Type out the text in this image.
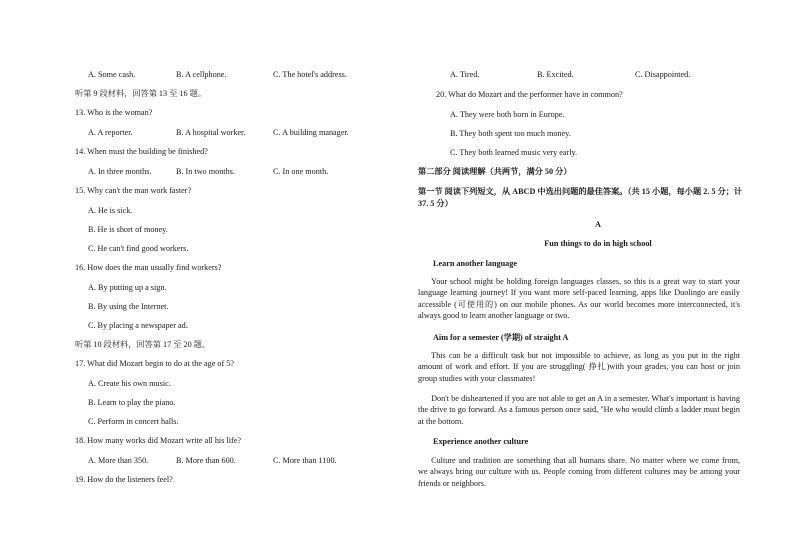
A. Some cash.	B. A cellphone.	C. The hotel's address.
听第 9 段材料，回答第 13 至 16 题。
13. Who is the woman?
A. A reporter.	B. A hospital worker.	C. A building manager.
14. When must the building be finished?
A. In three months.	B. In two months.	C. In one month.
15. Why can't the man work faster?
A. He is sick.
B. He is short of money.
C. He can't find good workers.
16. How does the man usually find workers?
A. By putting up a sign.
B. By using the Internet.
C. By placing a newspaper ad.
听第 10 段材料，回答第 17 至 20 题。
17. What did Mozart begin to do at the age of 5?
A. Create his own music.
B. Learn to play the piano.
C. Perform in concert halls.
18. How many works did Mozart write all his life?
A. More than 350.	B. More than 600.	C. More than 1100.
19. How do the listeners feel?
A. Tired.	B. Excited.	C. Disappointed.
20. What do Mozart and the performer have in common?
A. They were both born in Europe.
B. They both spent too much money.
C. They both learned music very early.
第二部分 阅读理解（共两节，满分 50 分）
第一节 阅读下列短文，从 ABCD 中选出问题的最佳答案。（共 15 小题，每小题 2. 5 分；计
37. 5 分）
A
Fun things to do in high school
Learn another language
Your school might be holding foreign languages classes, so this is a great way to start your language learning journey! If you want more self-paced learning, apps like Duolingo are easily accessible (可使用的) on our mobile phones. As our world becomes more interconnected, it's always good to learn another language or two.
Aim for a semester (学期) of straight A
This can be a difficult task but not impossible to achieve, as long as you put in the right amount of work and effort. If you are struggling( 挣扎)with your grades, you can host or join group studies with your classmates!
Don't be disheartened if you are not able to get an A in a semester. What's important is having the drive to go forward. As a famous person once said, "He who would climb a ladder must begin at the bottom.
Experience another culture
Culture and tradition are something that all humans share. No matter where we come from, we always bring our culture with us. People coming from different cultures may be among your friends or neighbors.
